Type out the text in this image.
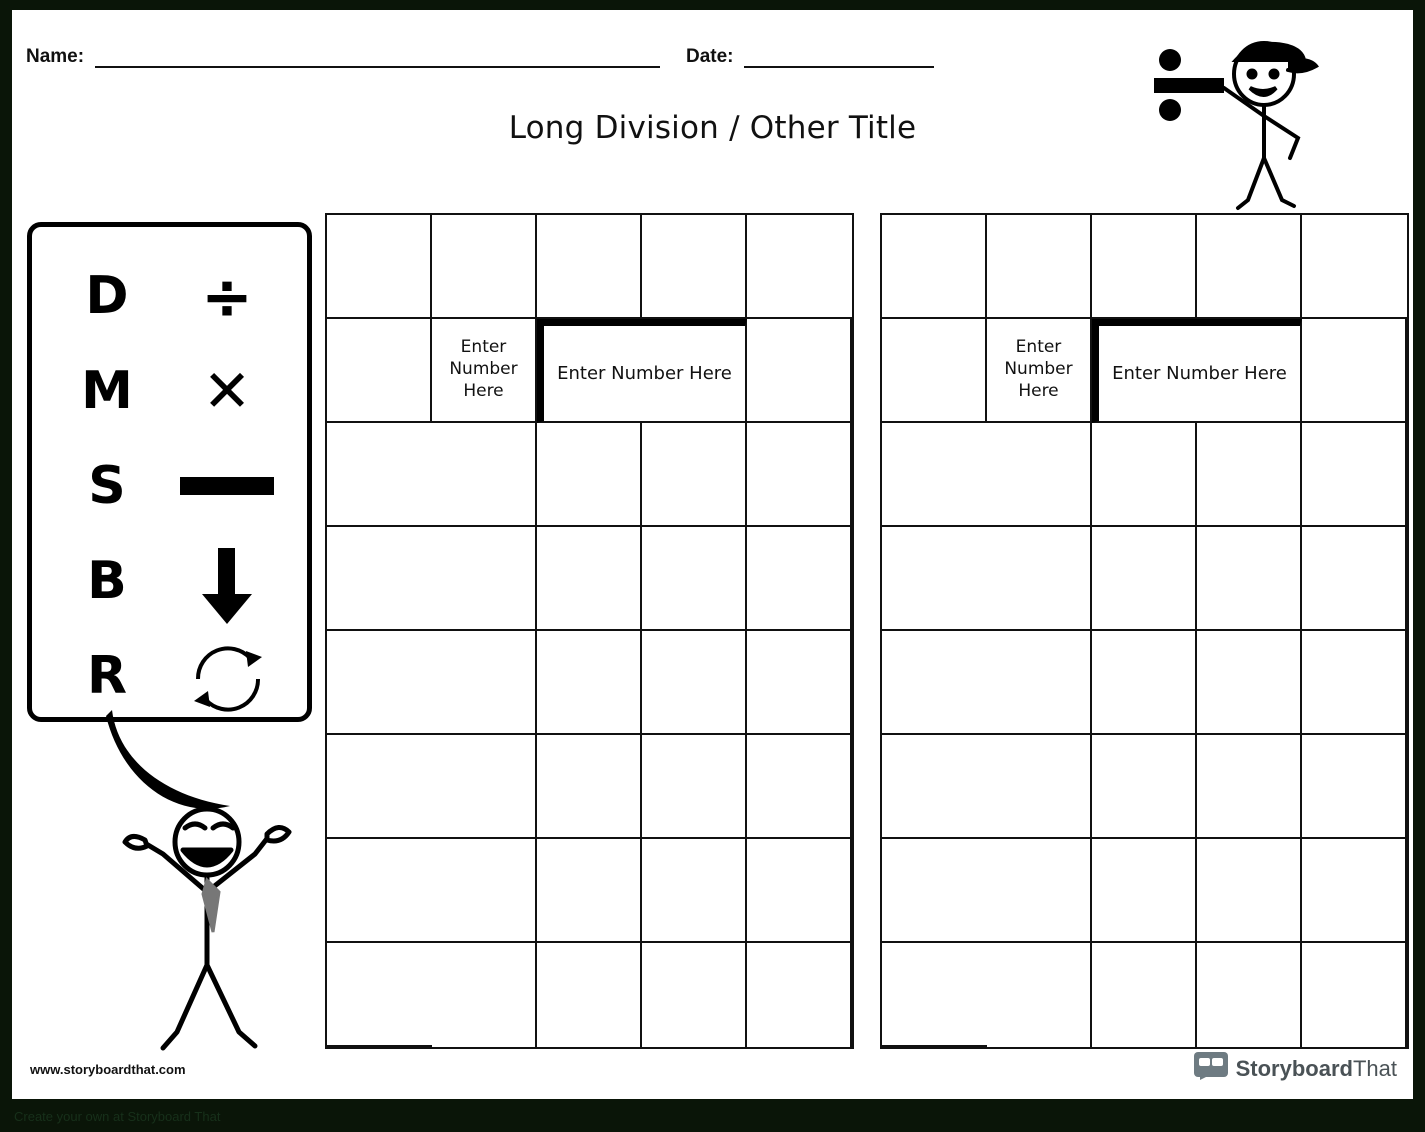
Name:	Date:
Long Division / Other Title
D
M
S
B
R
÷
✕
Enter Number Here
Enter Number Here
Enter Number Here
Enter Number Here
www.storyboardthat.com	StoryboardThat
Create your own at Storyboard That
